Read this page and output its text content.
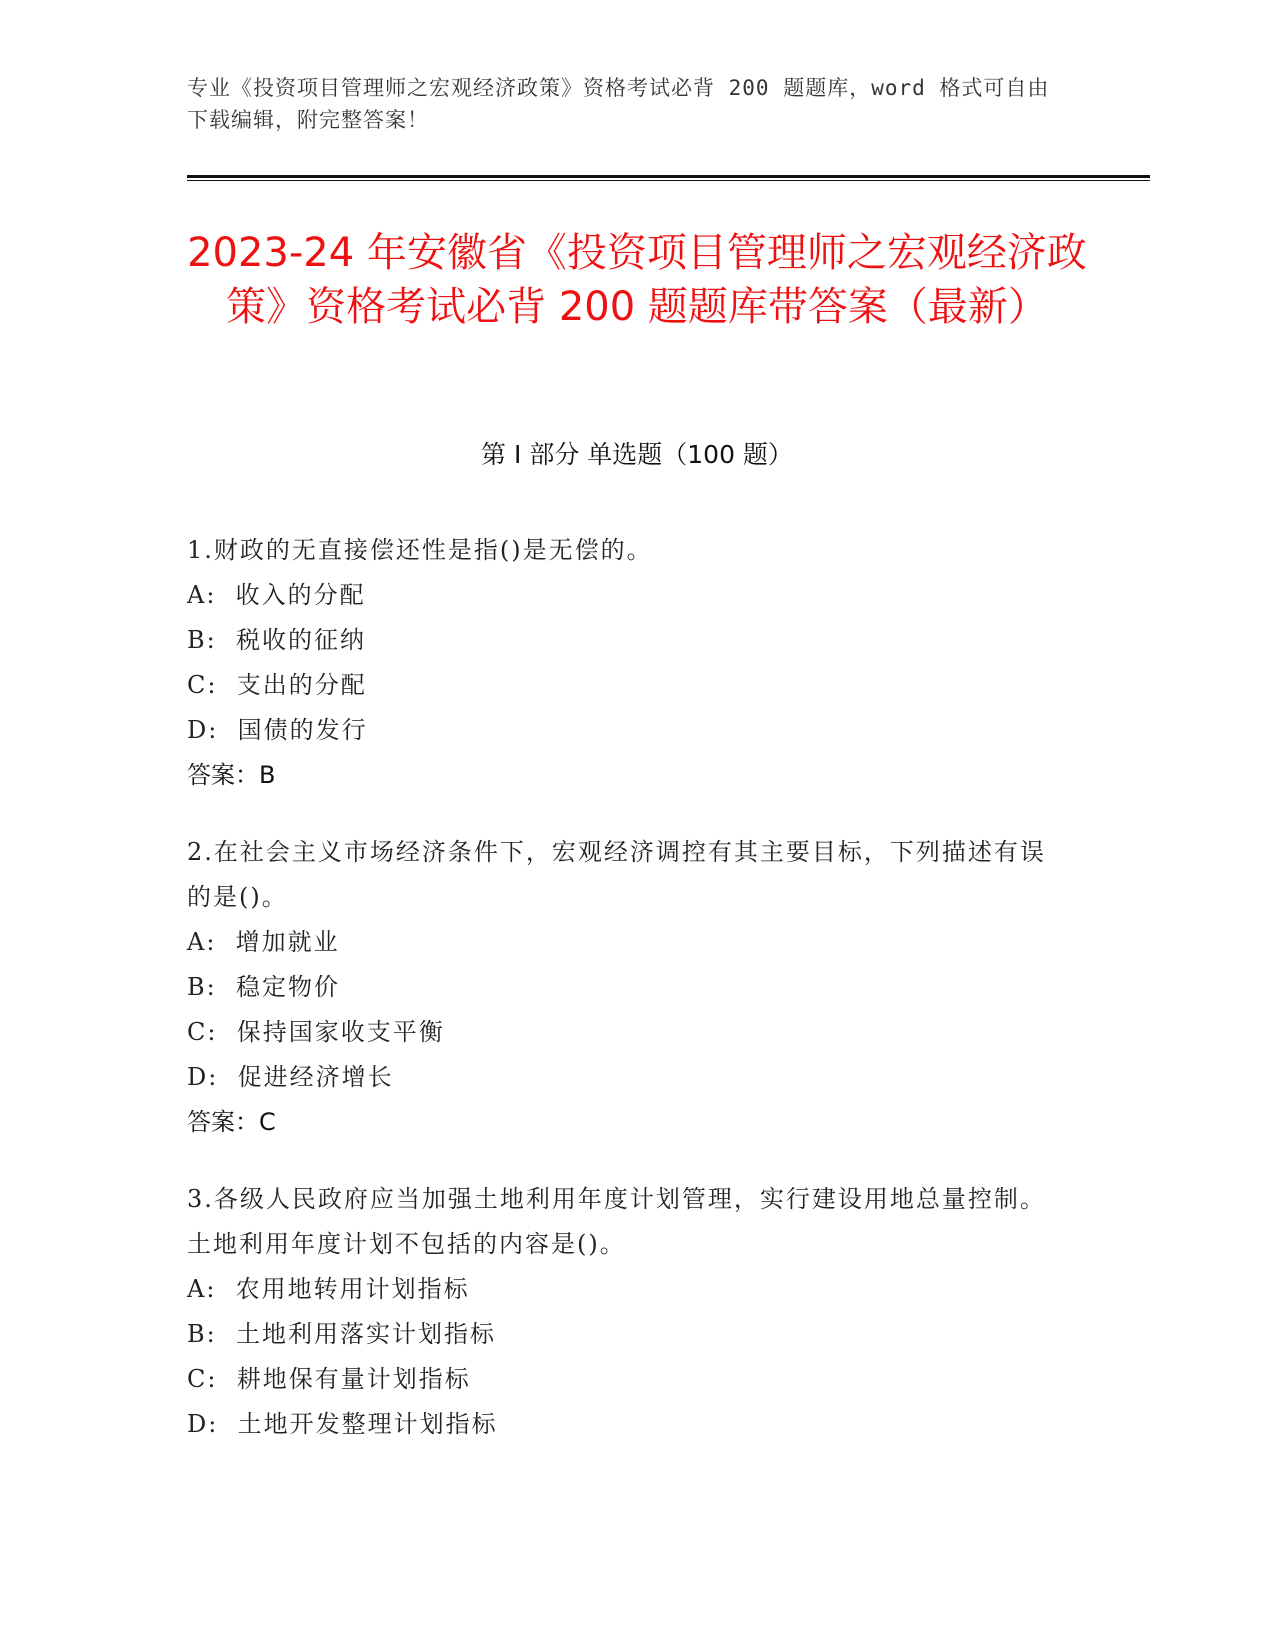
专业《投资项目管理师之宏观经济政策》资格考试必背 200 题题库，word 格式可自由下载编辑，附完整答案！
2023-24 年安徽省《投资项目管理师之宏观经济政策》资格考试必背 200 题题库带答案（最新）
第 I 部分 单选题（100 题）
1.财政的无直接偿还性是指()是无偿的。
A:  收入的分配
B:  税收的征纳
C:  支出的分配
D:  国债的发行
答案：B
2.在社会主义市场经济条件下，宏观经济调控有其主要目标，下列描述有误的是()。
A:  增加就业
B:  稳定物价
C:  保持国家收支平衡
D:  促进经济增长
答案：C
3.各级人民政府应当加强土地利用年度计划管理，实行建设用地总量控制。土地利用年度计划不包括的内容是()。
A:  农用地转用计划指标
B:  土地利用落实计划指标
C:  耕地保有量计划指标
D:  土地开发整理计划指标
